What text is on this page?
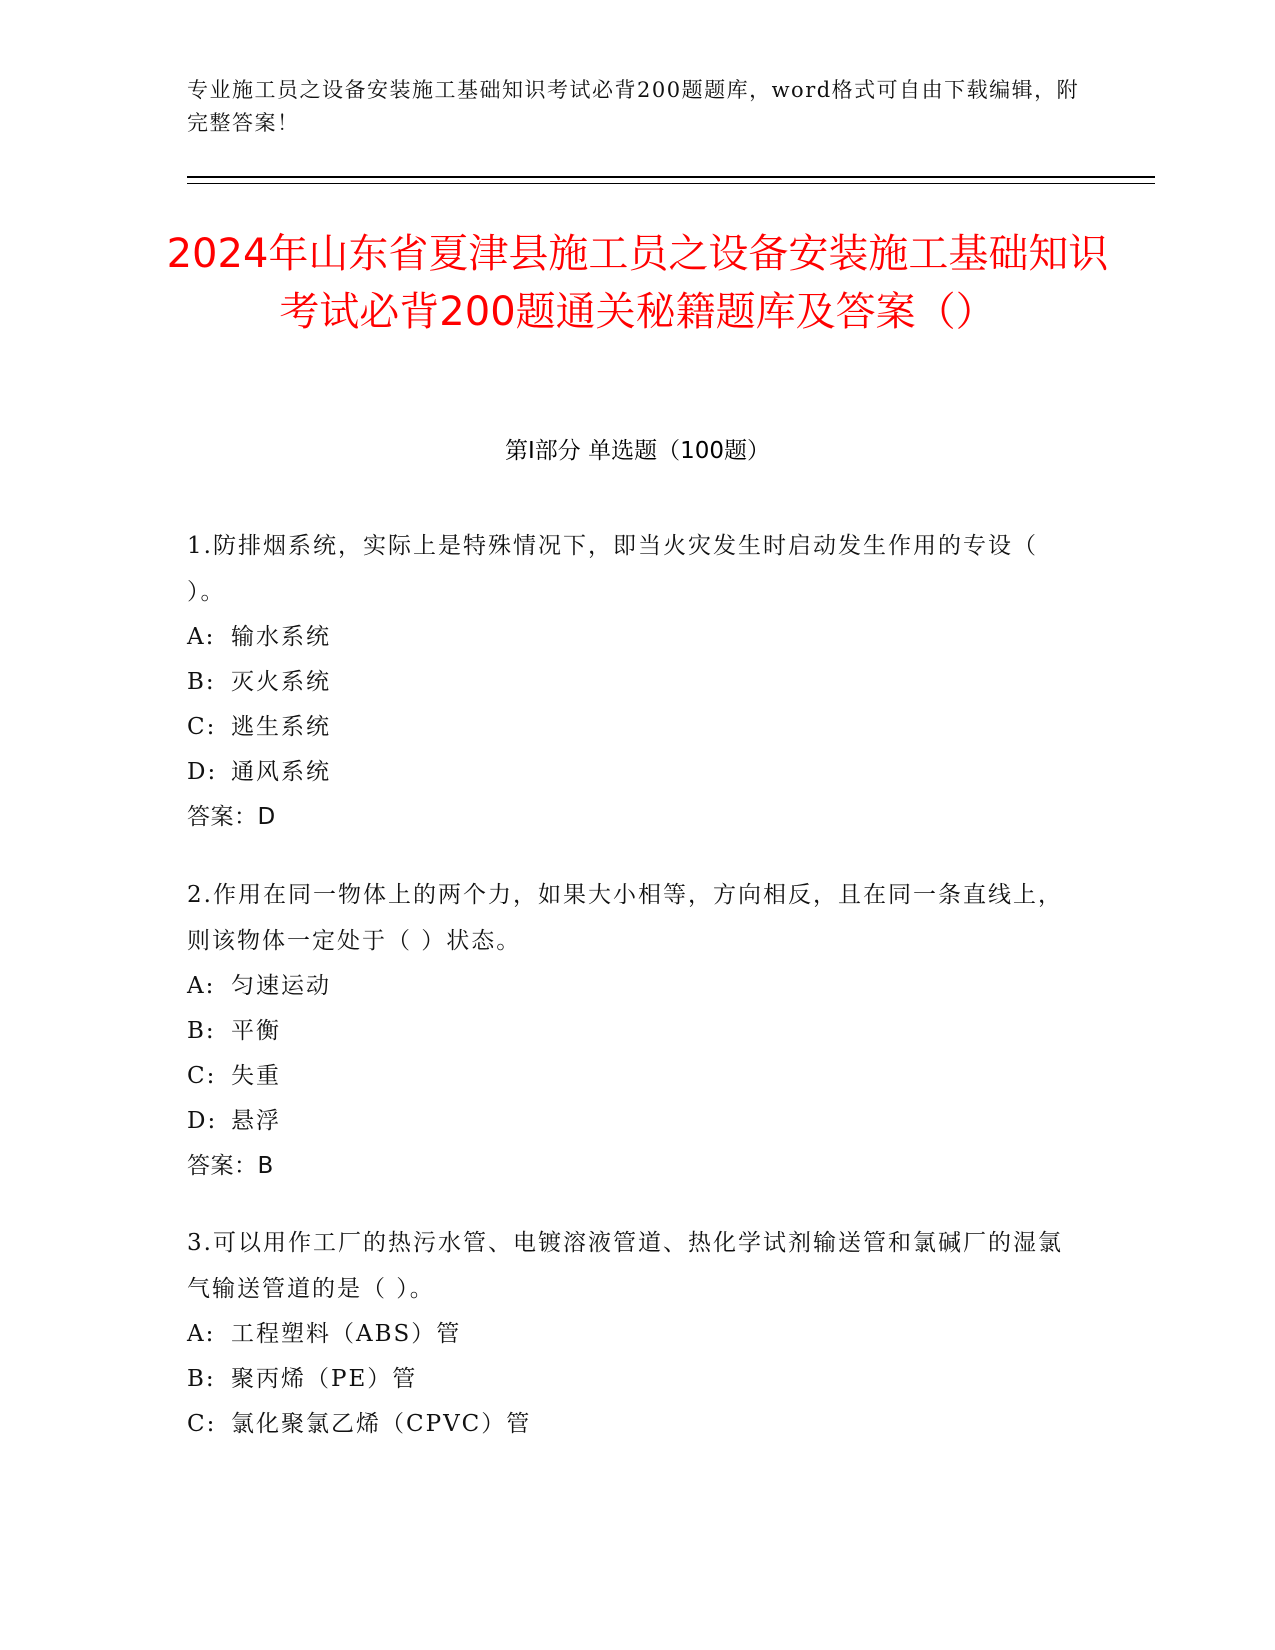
专业施工员之设备安装施工基础知识考试必背200题题库，word格式可自由下载编辑，附完整答案！
2024年山东省夏津县施工员之设备安装施工基础知识考试必背200题通关秘籍题库及答案（）
第I部分 单选题（100题）
1.防排烟系统，实际上是特殊情况下，即当火灾发生时启动发生作用的专设（ ）。
A: 输水系统
B: 灭火系统
C: 逃生系统
D: 通风系统
答案：D
2.作用在同一物体上的两个力，如果大小相等，方向相反，且在同一条直线上，则该物体一定处于（ ）状态。
A: 匀速运动
B: 平衡
C: 失重
D: 悬浮
答案：B
3.可以用作工厂的热污水管、电镀溶液管道、热化学试剂输送管和氯碱厂的湿氯气输送管道的是（ ）。
A: 工程塑料（ABS）管
B: 聚丙烯（PE）管
C: 氯化聚氯乙烯（CPVC）管
